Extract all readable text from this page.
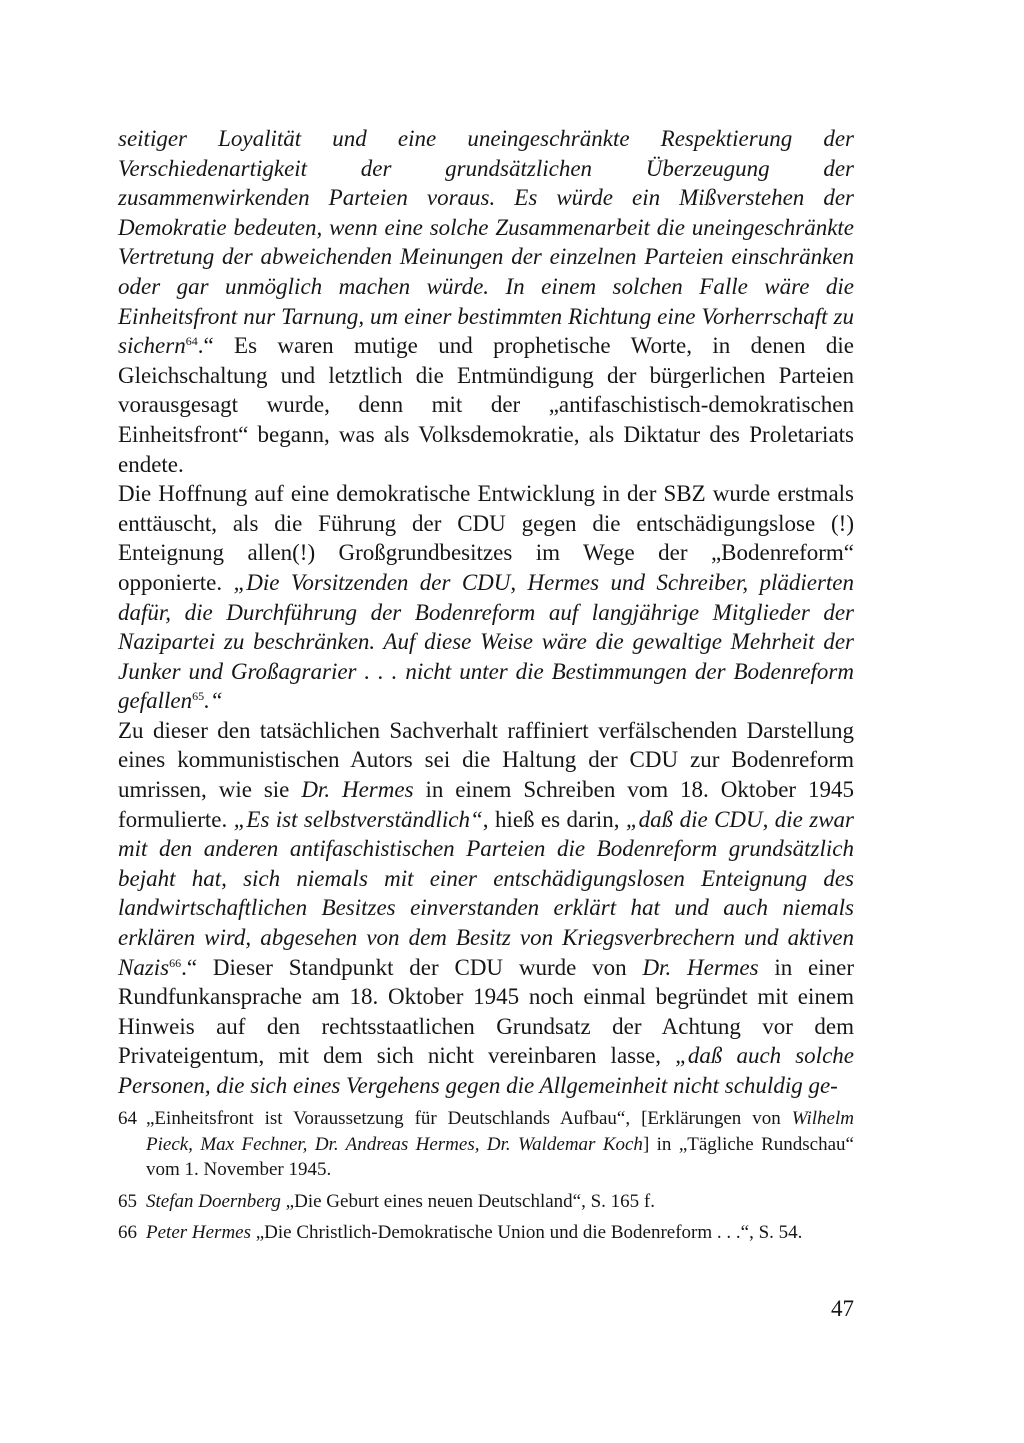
seitiger Loyalität und eine uneingeschränkte Respektierung der Verschiedenartigkeit der grundsätzlichen Überzeugung der zusammenwirkenden Parteien voraus. Es würde ein Mißverstehen der Demokratie bedeuten, wenn eine solche Zusammenarbeit die uneingeschränkte Vertretung der abweichenden Meinungen der einzelnen Parteien einschränken oder gar unmöglich machen würde. In einem solchen Falle wäre die Einheitsfront nur Tarnung, um einer bestimmten Richtung eine Vorherrschaft zu sichern$^{64}$.“ Es waren mutige und prophetische Worte, in denen die Gleichschaltung und letztlich die Entmündigung der bürgerlichen Parteien vorausgesagt wurde, denn mit der „antifaschistisch-demokratischen Einheitsfront“ begann, was als Volksdemokratie, als Diktatur des Proletariats endete.

Die Hoffnung auf eine demokratische Entwicklung in der SBZ wurde erstmals enttäuscht, als die Führung der CDU gegen die entschädigungslose (!) Enteignung allen(!) Großgrundbesitzes im Wege der „Bodenreform“ opponierte. „Die Vorsitzenden der CDU, Hermes und Schreiber, plädierten dafür, die Durchführung der Bodenreform auf langjährige Mitglieder der Nazipartei zu beschränken. Auf diese Weise wäre die gewaltige Mehrheit der Junker und Großagrarier . . . nicht unter die Bestimmungen der Bodenreform gefallen$^{65}$.“

Zu dieser den tatsächlichen Sachverhalt raffiniert verfälschenden Darstellung eines kommunistischen Autors sei die Haltung der CDU zur Bodenreform umrissen, wie sie Dr. Hermes in einem Schreiben vom 18. Oktober 1945 formulierte. „Es ist selbstverständlich“, hieß es darin, „daß die CDU, die zwar mit den anderen antifaschistischen Parteien die Bodenreform grundsätzlich bejaht hat, sich niemals mit einer entschädigungslosen Enteignung des landwirtschaftlichen Besitzes einverstanden erklärt hat und auch niemals erklären wird, abgesehen von dem Besitz von Kriegsverbrechern und aktiven Nazis$^{66}$.“ Dieser Standpunkt der CDU wurde von Dr. Hermes in einer Rundfunkansprache am 18. Oktober 1945 noch einmal begründet mit einem Hinweis auf den rechtsstaatlichen Grundsatz der Achtung vor dem Privateigentum, mit dem sich nicht vereinbaren lasse, „daß auch solche Personen, die sich eines Vergehens gegen die Allgemeinheit nicht schuldig ge-

64 „Einheitsfront ist Voraussetzung für Deutschlands Aufbau“, [Erklärungen von Wilhelm Pieck, Max Fechner, Dr. Andreas Hermes, Dr. Waldemar Koch] in „Tägliche Rundschau“ vom 1. November 1945.
65 Stefan Doernberg „Die Geburt eines neuen Deutschland“, S. 165 f.
66 Peter Hermes „Die Christlich-Demokratische Union und die Bodenreform . . .“, S. 54.
47
